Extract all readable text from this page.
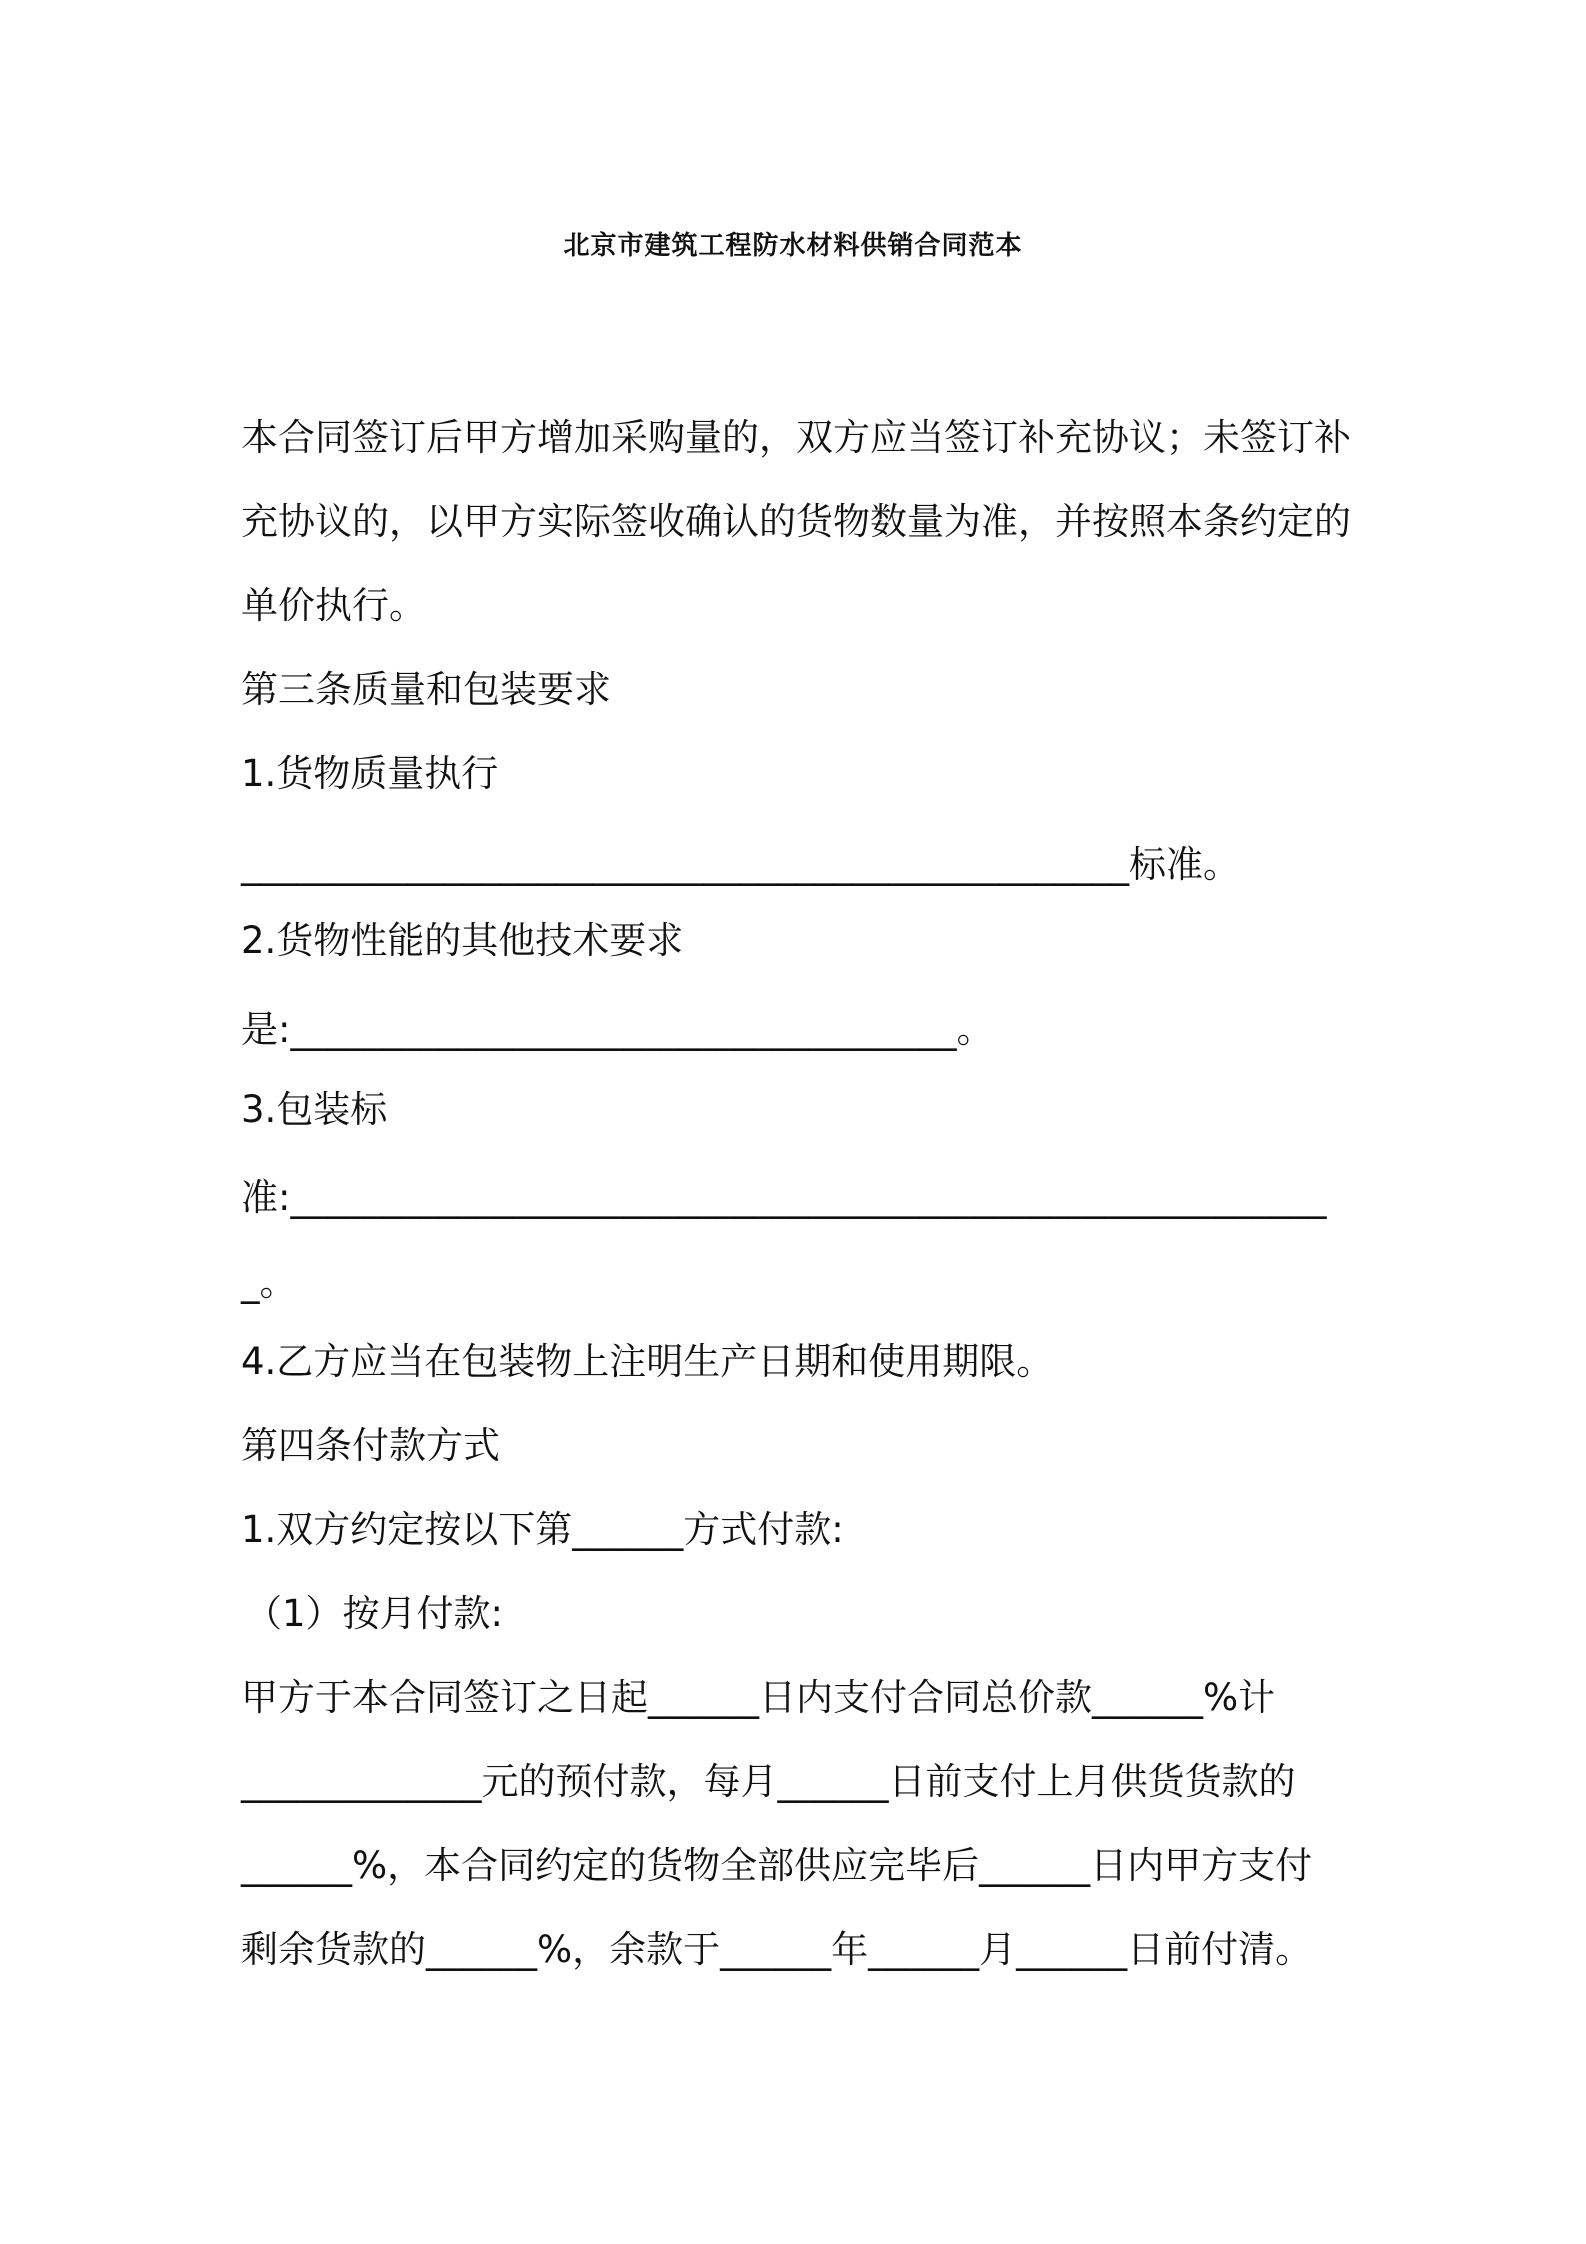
北京市建筑工程防水材料供销合同范本
本合同签订后甲方增加采购量的，双方应当签订补充协议；未签订补
充协议的，以甲方实际签收确认的货物数量为准，并按照本条约定的
单价执行。
第三条质量和包装要求
1.货物质量执行
________________________________________________标准。
2.货物性能的其他技术要求
是:____________________________________。
3.包装标
准:________________________________________________________
_。
4.乙方应当在包装物上注明生产日期和使用期限。
第四条付款方式
1.双方约定按以下第______方式付款:
（1）按月付款:
甲方于本合同签订之日起______日内支付合同总价款______%计
_____________元的预付款，每月______日前支付上月供货货款的
______%，本合同约定的货物全部供应完毕后______日内甲方支付
剩余货款的______%，余款于______年______月______日前付清。
